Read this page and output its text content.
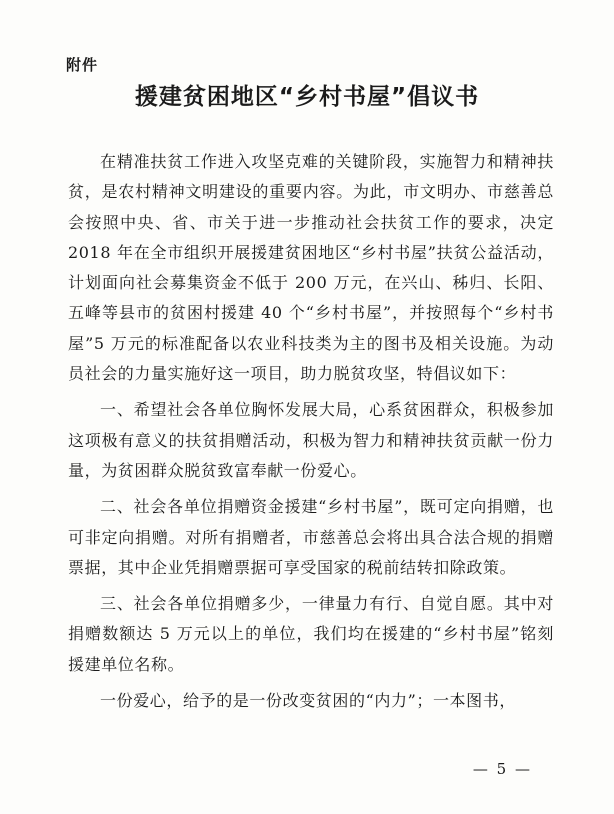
附件
援建贫困地区“乡村书屋”倡议书

在精准扶贫工作进入攻坚克难的关键阶段，实施智力和精神扶贫，是农村精神文明建设的重要内容。为此，市文明办、市慈善总会按照中央、省、市关于进一步推动社会扶贫工作的要求，决定 2018 年在全市组织开展援建贫困地区“乡村书屋”扶贫公益活动，计划面向社会募集资金不低于 200 万元，在兴山、秭归、长阳、五峰等县市的贫困村援建 40 个“乡村书屋”，并按照每个“乡村书屋”5 万元的标准配备以农业科技类为主的图书及相关设施。为动员社会的力量实施好这一项目，助力脱贫攻坚，特倡议如下：

一、希望社会各单位胸怀发展大局，心系贫困群众，积极参加这项极有意义的扶贫捐赠活动，积极为智力和精神扶贫贡献一份力量，为贫困群众脱贫致富奉献一份爱心。

二、社会各单位捐赠资金援建“乡村书屋”，既可定向捐赠，也可非定向捐赠。对所有捐赠者，市慈善总会将出具合法合规的捐赠票据，其中企业凭捐赠票据可享受国家的税前结转扣除政策。

三、社会各单位捐赠多少，一律量力有行、自觉自愿。其中对捐赠数额达 5 万元以上的单位，我们均在援建的“乡村书屋”铭刻援建单位名称。

一份爱心，给予的是一份改变贫困的“内力”；一本图书，

— 5 —
